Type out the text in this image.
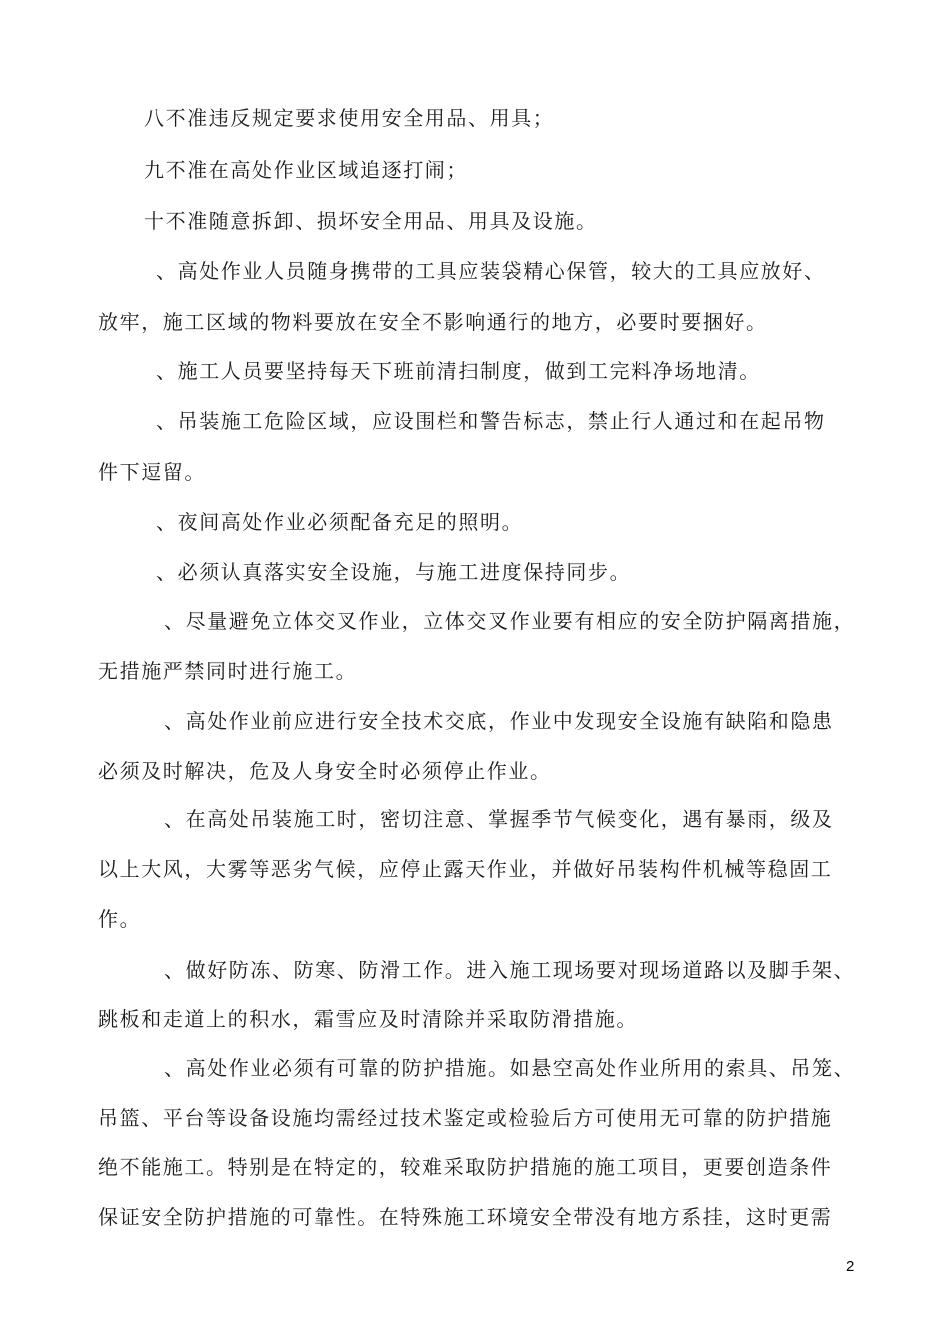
八不准违反规定要求使用安全用品、用具；
九不准在高处作业区域追逐打闹；
十不准随意拆卸、损坏安全用品、用具及设施。
、高处作业人员随身携带的工具应装袋精心保管，较大的工具应放好、
放牢，施工区域的物料要放在安全不影响通行的地方，必要时要捆好。
、施工人员要坚持每天下班前清扫制度，做到工完料净场地清。
、吊装施工危险区域，应设围栏和警告标志，禁止行人通过和在起吊物
件下逗留。
、夜间高处作业必须配备充足的照明。
、必须认真落实安全设施，与施工进度保持同步。
、尽量避免立体交叉作业，立体交叉作业要有相应的安全防护隔离措施，
无措施严禁同时进行施工。
、高处作业前应进行安全技术交底，作业中发现安全设施有缺陷和隐患
必须及时解决，危及人身安全时必须停止作业。
、在高处吊装施工时，密切注意、掌握季节气候变化，遇有暴雨，级及
以上大风，大雾等恶劣气候，应停止露天作业，并做好吊装构件机械等稳固工
作。
、做好防冻、防寒、防滑工作。进入施工现场要对现场道路以及脚手架、
跳板和走道上的积水，霜雪应及时清除并采取防滑措施。
、高处作业必须有可靠的防护措施。如悬空高处作业所用的索具、吊笼、
吊篮、平台等设备设施均需经过技术鉴定或检验后方可使用无可靠的防护措施
绝不能施工。特别是在特定的，较难采取防护措施的施工项目，更要创造条件
保证安全防护措施的可靠性。在特殊施工环境安全带没有地方系挂，这时更需
2
